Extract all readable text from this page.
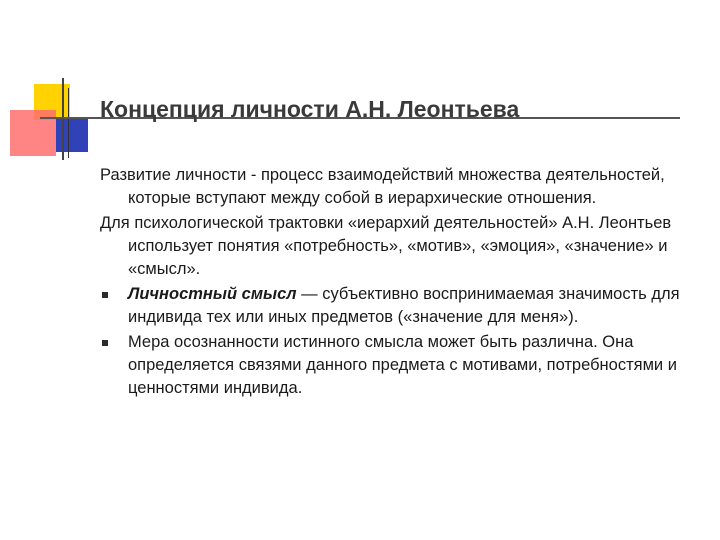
Концепция личности А.Н. Леонтьева

Развитие личности - процесс взаимодействий множества деятельностей, которые вступают между собой в иерархические отношения.

Для психологической трактовки «иерархий деятельностей» А.Н. Леонтьев использует понятия «потребность», «мотив», «эмоция», «значение» и «смысл».

Личностный смысл — субъективно воспринимаемая значимость для индивида тех или иных предметов («значение для меня»).
Мера осознанности истинного смысла может быть различна. Она определяется связями данного предмета с мотивами, потребностями и ценностями индивида.
